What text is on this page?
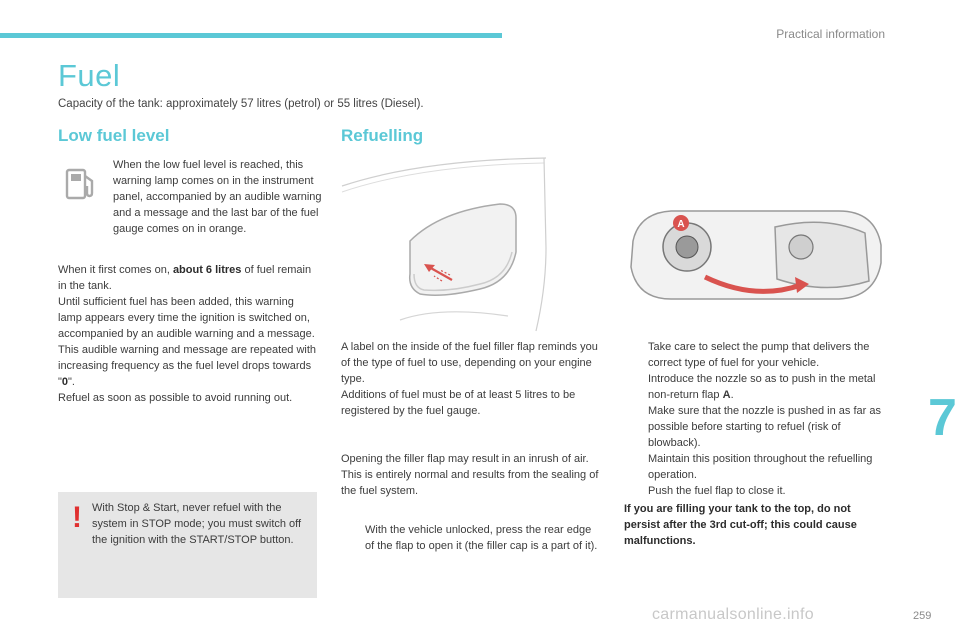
Practical information
Fuel
Capacity of the tank: approximately 57 litres (petrol) or 55 litres (Diesel).
Low fuel level	Refuelling

When the low fuel level is reached, this warning lamp comes on in the instrument panel, accompanied by an audible warning and a message and the last bar of the fuel gauge comes on in orange.

When it first comes on, about 6 litres of fuel remain in the tank.
Until sufficient fuel has been added, this warning lamp appears every time the ignition is switched on, accompanied by an audible warning and a message. This audible warning and message are repeated with increasing frequency as the fuel level drops towards "0".
Refuel as soon as possible to avoid running out.

! With Stop & Start, never refuel with the system in STOP mode; you must switch off the ignition with the START/STOP button.
A

A label on the inside of the fuel filler flap reminds you of the type of fuel to use, depending on your engine type.
Additions of fuel must be of at least 5 litres to be registered by the fuel gauge.

Opening the filler flap may result in an inrush of air. This is entirely normal and results from the sealing of the fuel system.

With the vehicle unlocked, press the rear edge of the flap to open it (the filler cap is a part of it).
Take care to select the pump that delivers the correct type of fuel for your vehicle.
Introduce the nozzle so as to push in the metal non-return flap A.
Make sure that the nozzle is pushed in as far as possible before starting to refuel (risk of blowback).
Maintain this position throughout the refuelling operation.
Push the fuel flap to close it.
If you are filling your tank to the top, do not persist after the 3rd cut-off; this could cause malfunctions.
7
259
carmanualsonline.info
